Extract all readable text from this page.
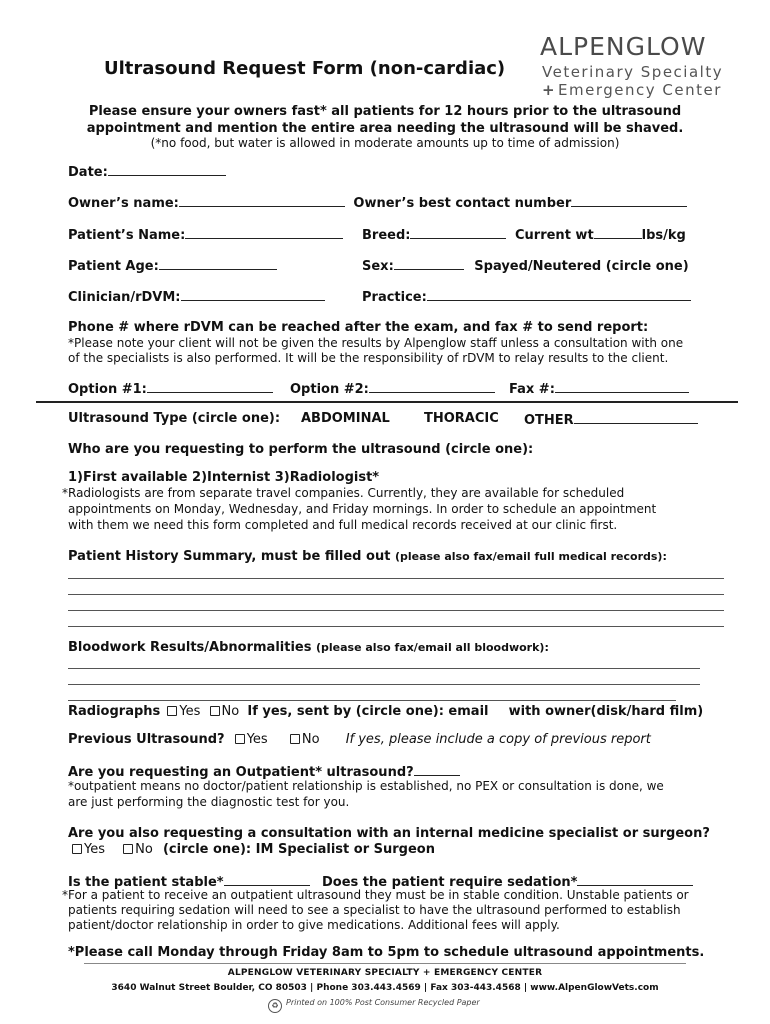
Ultrasound Request Form (non-cardiac)
ALPENGLOW
Veterinary Specialty
+ Emergency Center
Please ensure your owners fast* all patients for 12 hours prior to the ultrasound
appointment and mention the entire area needing the ultrasound will be shaved.
(*no food, but water is allowed in moderate amounts up to time of admission)
Date:
Owner’s name:	Owner’s best contact number
Patient’s Name:	Breed:	Current wt	lbs/kg
Patient Age:	Sex:	Spayed/Neutered (circle one)
Clinician/rDVM:	Practice:
Phone # where rDVM can be reached after the exam, and fax # to send report:
*Please note your client will not be given the results by Alpenglow staff unless a consultation with one
of the specialists is also performed. It will be the responsibility of rDVM to relay results to the client.
Option #1:	Option #2:	Fax #:
Ultrasound Type (circle one): ABDOMINAL	THORACIC OTHER
Who are you requesting to perform the ultrasound (circle one):
1)First available 2)Internist 3)Radiologist*
*Radiologists are from separate travel companies. Currently, they are available for scheduled
appointments on Monday, Wednesday, and Friday mornings. In order to schedule an appointment
with them we need this form completed and full medical records received at our clinic first.
Patient History Summary, must be filled out (please also fax/email full medical records):
Bloodwork Results/Abnormalities (please also fax/email all bloodwork):
Radiographs Yes No If yes, sent by (circle one): email with owner(disk/hard film)
Previous Ultrasound? Yes	No If yes, please include a copy of previous report
Are you requesting an Outpatient* ultrasound?
*outpatient means no doctor/patient relationship is established, no PEX or consultation is done, we
are just performing the diagnostic test for you.
Are you also requesting a consultation with an internal medicine specialist or surgeon?
Yes No (circle one): IM Specialist or Surgeon
Is the patient stable*	Does the patient require sedation*
*For a patient to receive an outpatient ultrasound they must be in stable condition. Unstable patients or
patients requiring sedation will need to see a specialist to have the ultrasound performed to establish
patient/doctor relationship in order to give medications. Additional fees will apply.
*Please call Monday through Friday 8am to 5pm to schedule ultrasound appointments.
ALPENGLOW VETERINARY SPECIALTY + EMERGENCY CENTER
3640 Walnut Street Boulder, CO 80503 | Phone 303.443.4569 | Fax 303-443.4568 | www.AlpenGlowVets.com
♻ Printed on 100% Post Consumer Recycled Paper
